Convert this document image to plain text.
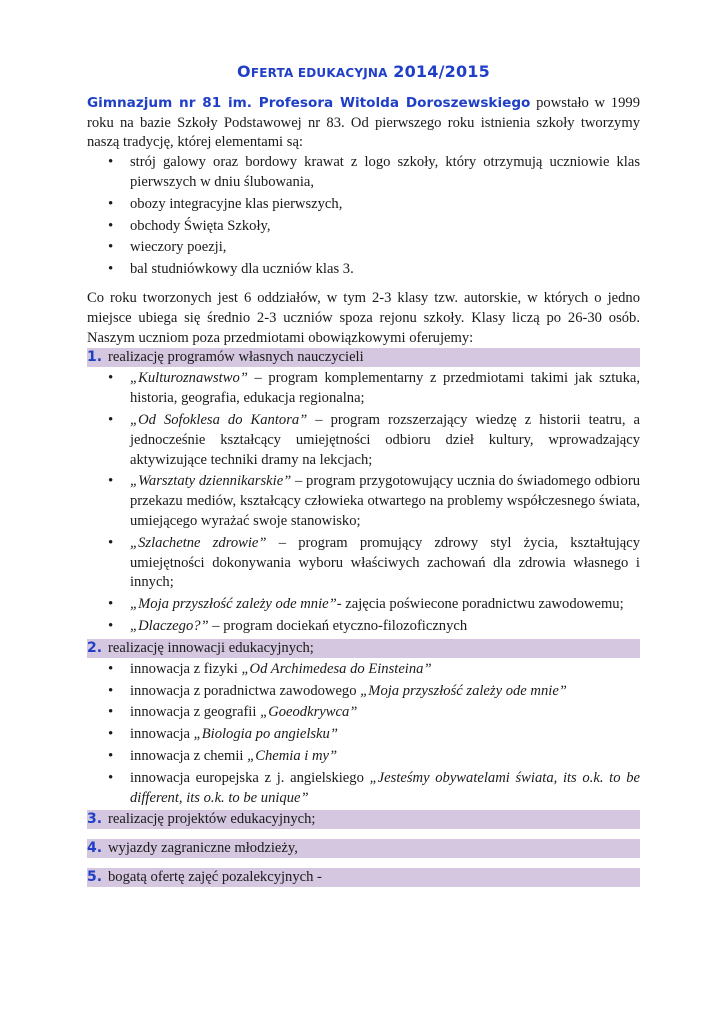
OFERTA EDUKACYJNA 2014/2015

Gimnazjum nr 81 im. Profesora Witolda Doroszewskiego powstało w 1999 roku na bazie Szkoły Podstawowej nr 83. Od pierwszego roku istnienia szkoły tworzymy naszą tradycję, której elementami są:

• strój galowy oraz bordowy krawat z logo szkoły, który otrzymują uczniowie klas pierwszych w dniu ślubowania,
• obozy integracyjne klas pierwszych,
• obchody Święta Szkoły,
• wieczory poezji,
• bal studniówkowy dla uczniów klas 3.

Co roku tworzonych jest 6 oddziałów, w tym 2-3 klasy tzw. autorskie, w których o jedno miejsce ubiega się średnio 2-3 uczniów spoza rejonu szkoły. Klasy liczą po 26-30 osób. Naszym uczniom poza przedmiotami obowiązkowymi oferujemy:

1. realizację programów własnych nauczycieli
• „Kulturoznawstwo” – program komplementarny z przedmiotami takimi jak sztuka, historia, geografia, edukacja regionalna;
• „Od Sofoklesa do Kantora” – program rozszerzający wiedzę z historii teatru, a jednocześnie kształcący umiejętności odbioru dzieł kultury, wprowadzający aktywizujące techniki dramy na lekcjach;
• „Warsztaty dziennikarskie” – program przygotowujący ucznia do świadomego odbioru przekazu mediów, kształcący człowieka otwartego na problemy współczesnego świata, umiejącego wyrażać swoje stanowisko;
• „Szlachetne zdrowie” – program promujący zdrowy styl życia, kształtujący umiejętności dokonywania wyboru właściwych zachowań dla zdrowia własnego i innych;
• „Moja przyszłość zależy ode mnie”- zajęcia poświecone poradnictwu zawodowemu;
• „Dlaczego?” – program dociekań etyczno-filozoficznych
2. realizację innowacji edukacyjnych;
• innowacja z fizyki „Od Archimedesa do Einsteina”
• innowacja z poradnictwa zawodowego „Moja przyszłość zależy ode mnie”
• innowacja z geografii „Goeodkrywca”
• innowacja „Biologia po angielsku”
• innowacja z chemii „Chemia i my”
• innowacja europejska z j. angielskiego „Jesteśmy obywatelami świata, its o.k. to be different, its o.k. to be unique”
3. realizację projektów edukacyjnych;
4. wyjazdy zagraniczne młodzieży,
5. bogatą ofertę zajęć pozalekcyjnych -
